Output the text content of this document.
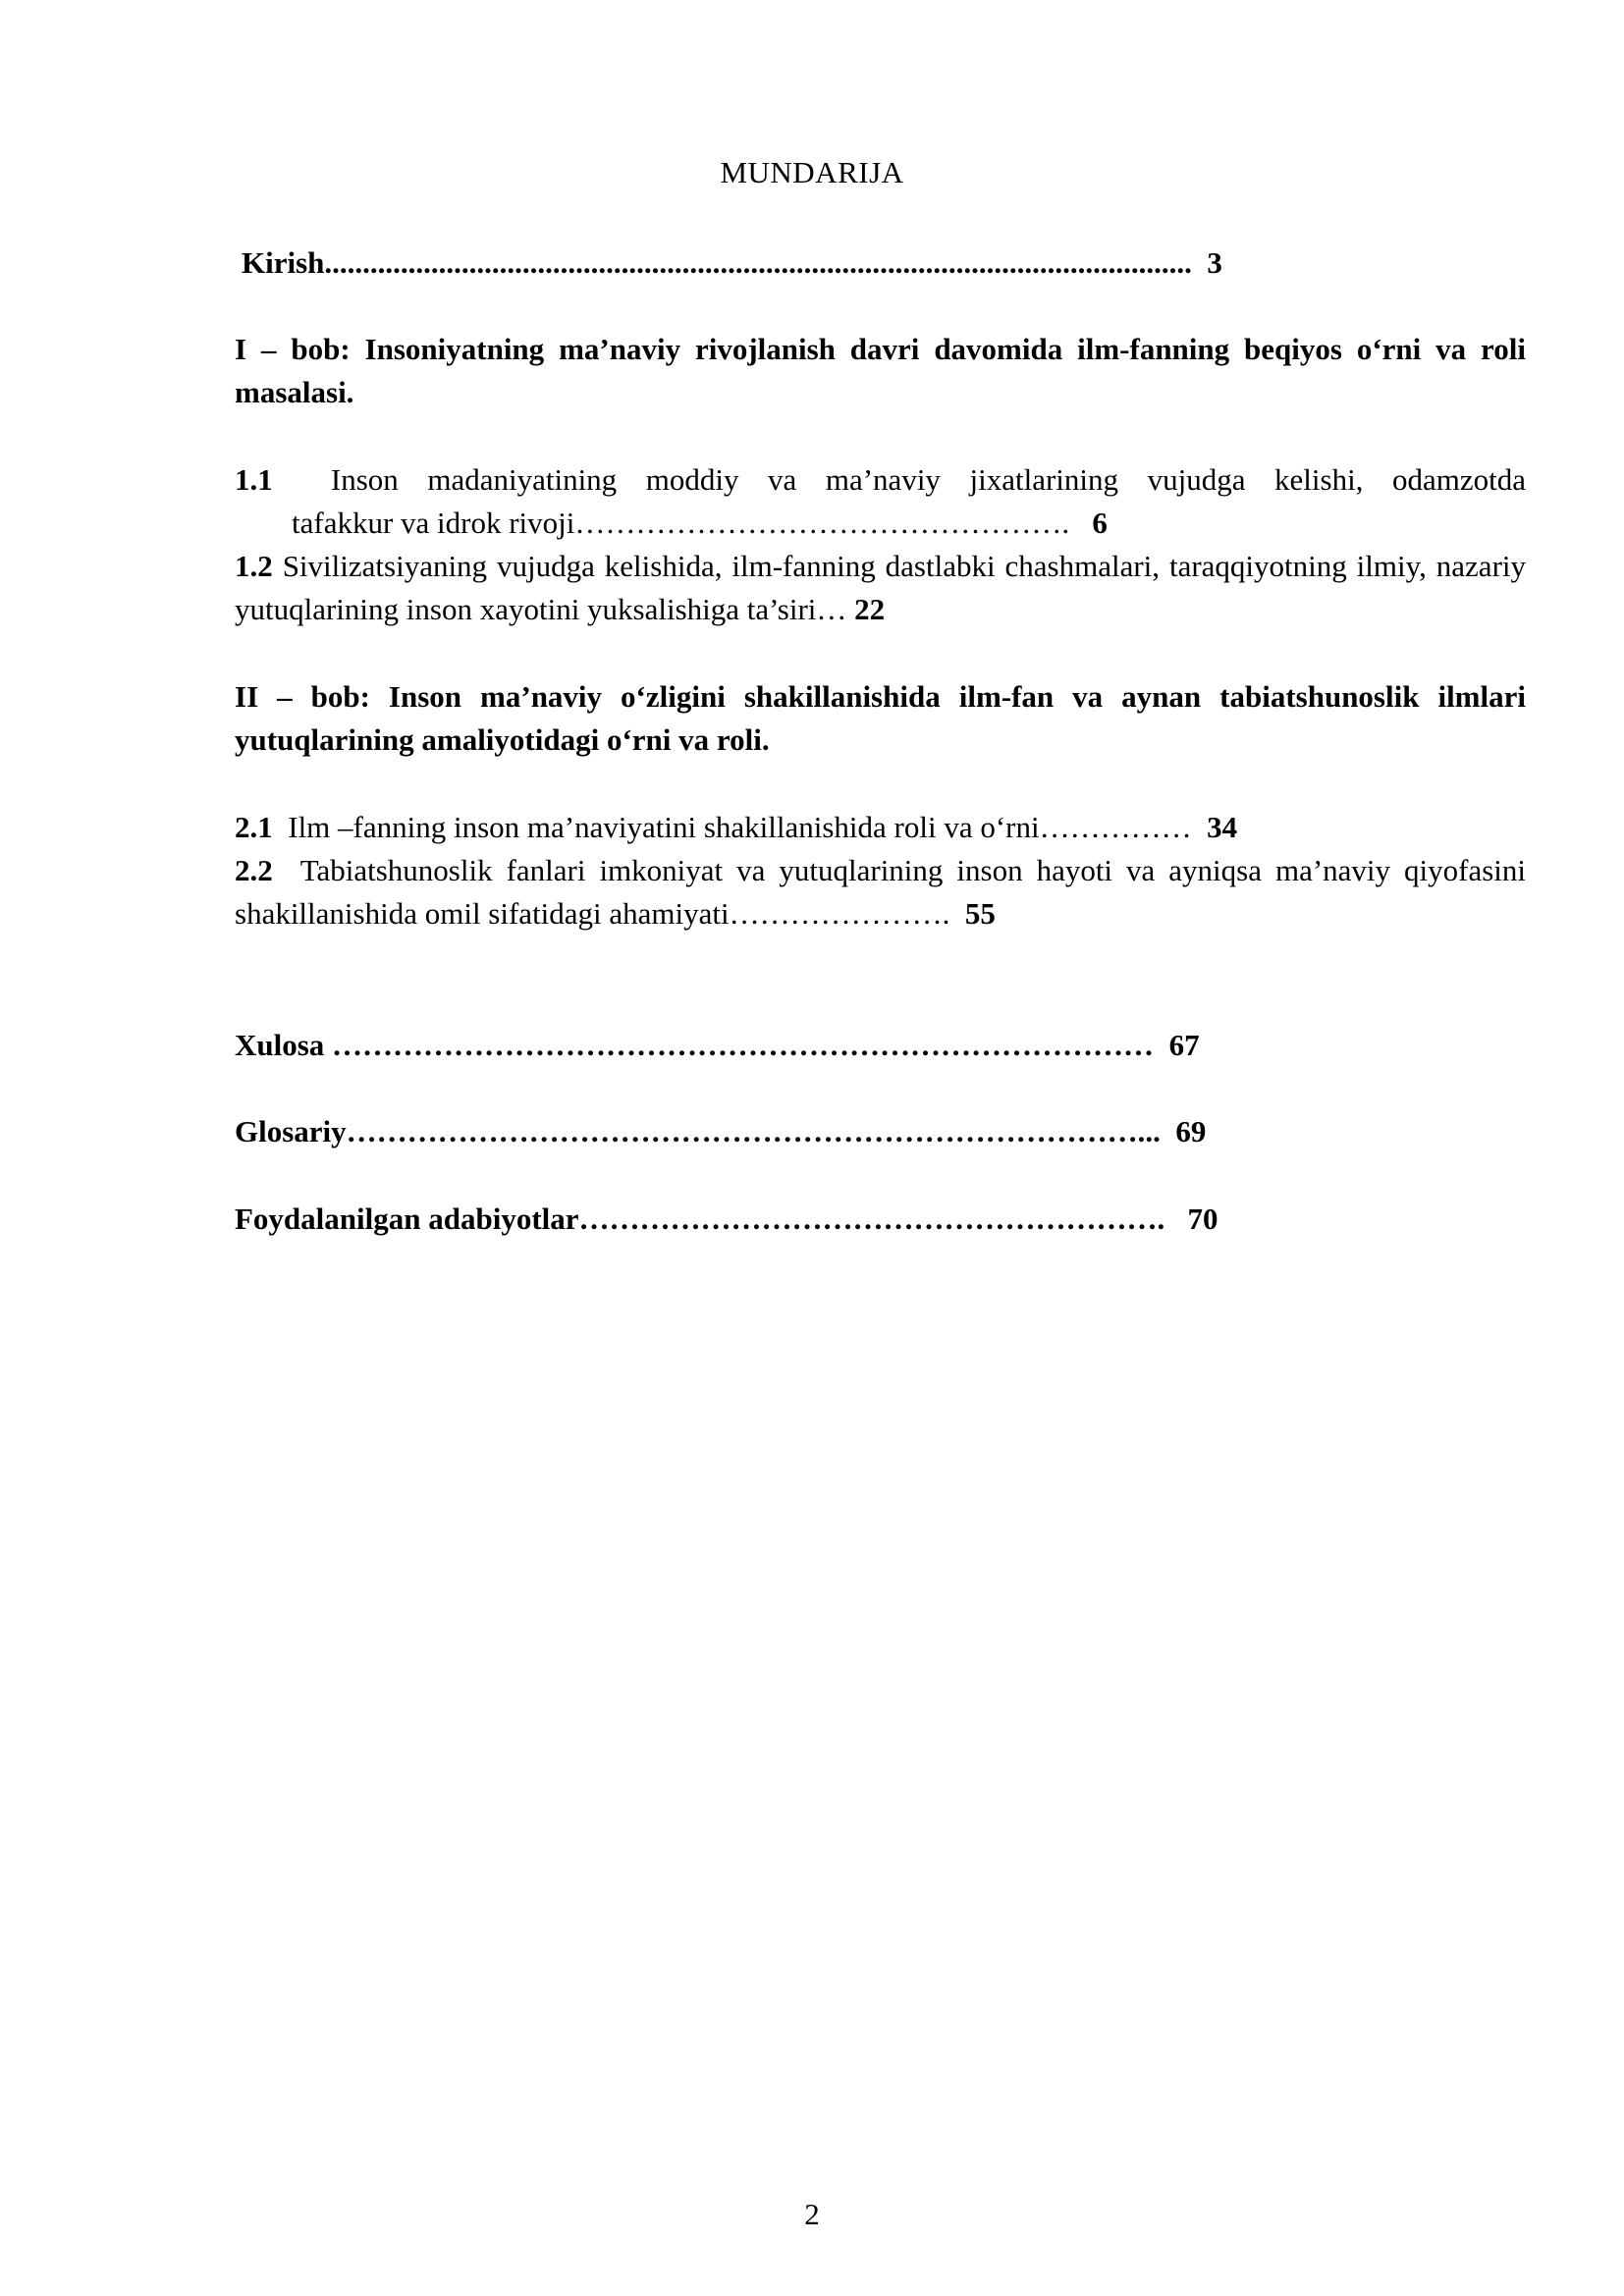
MUNDARIJA
Kirish.................................................................................................................. 3
I – bob: Insoniyatning ma’naviy rivojlanish davri davomida ilm-fanning beqiyos o‘rni va roli masalasi.
1.1 Inson madaniyatining moddiy va ma’naviy jixatlarining vujudga kelishi, odamzotda
tafakkur va idrok rivoji…………………………………………. 6
1.2 Sivilizatsiyaning vujudga kelishida, ilm-fanning dastlabki chashmalari, taraqqiyotning ilmiy, nazariy yutuqlarining inson xayotini yuksalishiga ta’siri… 22
II – bob: Inson ma’naviy o‘zligini shakillanishida ilm-fan va aynan tabiatshunoslik ilmlari yutuqlarining amaliyotidagi o‘rni va roli.
2.1 Ilm –fanning inson ma’naviyatini shakillanishida roli va o‘rni…………… 34
2.2 Tabiatshunoslik fanlari imkoniyat va yutuqlarining inson hayoti va ayniqsa ma’naviy qiyofasini shakillanishida omil sifatidagi ahamiyati…………………. 55
Xulosa ……………………………………………………………………… 67
Glosariy……………………………………………………………………... 69
Foydalanilgan adabiyotlar…………………………………………………. 70
2
